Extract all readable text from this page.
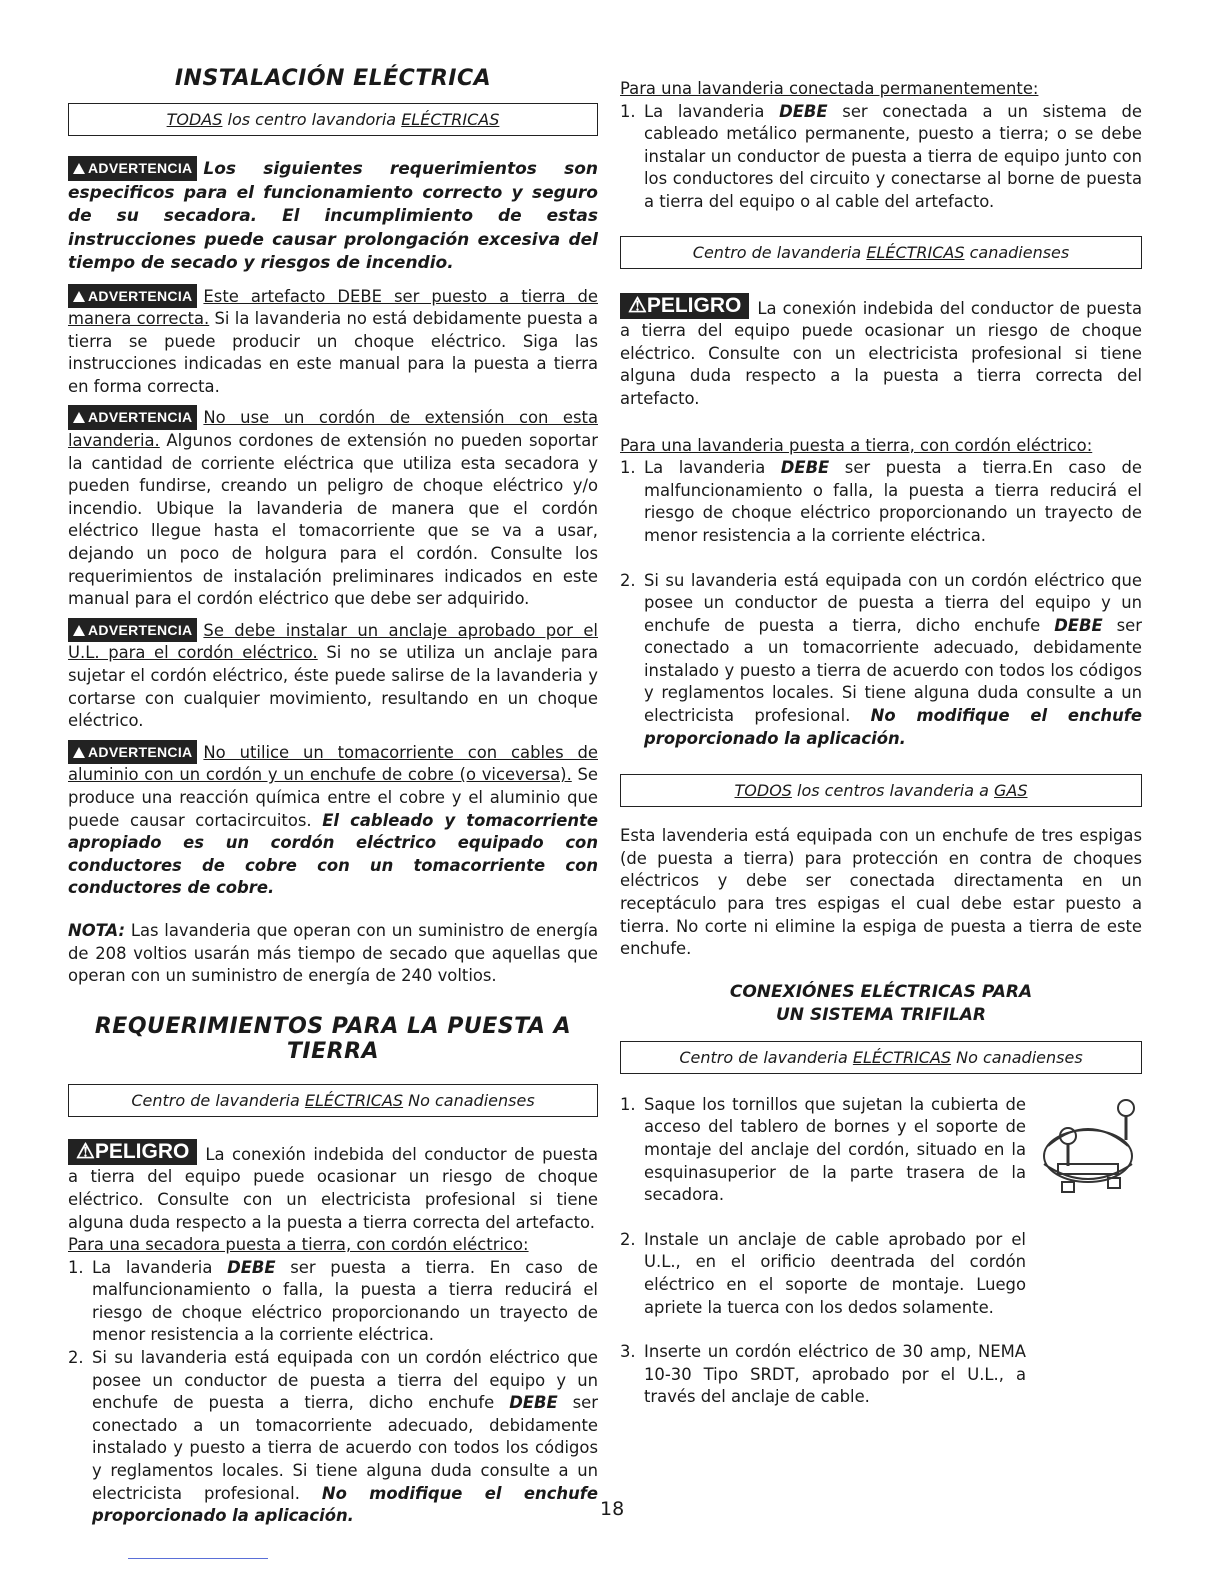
INSTALACIÓN ELÉCTRICA
TODAS los centro lavandoria ELÉCTRICAS

ADVERTENCIA Los siguientes requerimientos son especificos para el funcionamiento correcto y seguro de su secadora. El incumplimiento de estas instrucciones puede causar prolongación excesiva del tiempo de secado y riesgos de incendio.

ADVERTENCIA Este artefacto DEBE ser puesto a tierra de manera correcta. Si la lavanderia no está debidamente puesta a tierra se puede producir un choque eléctrico. Siga las instrucciones indicadas en este manual para la puesta a tierra en forma correcta.

ADVERTENCIA No use un cordón de extensión con esta lavanderia. Algunos cordones de extensión no pueden soportar la cantidad de corriente eléctrica que utiliza esta secadora y pueden fundirse, creando un peligro de choque eléctrico y/o incendio. Ubique la lavanderia de manera que el cordón eléctrico llegue hasta el tomacorriente que se va a usar, dejando un poco de holgura para el cordón. Consulte los requerimientos de instalación preliminares indicados en este manual para el cordón eléctrico que debe ser adquirido.

ADVERTENCIA Se debe instalar un anclaje aprobado por el U.L. para el cordón eléctrico. Si no se utiliza un anclaje para sujetar el cordón eléctrico, éste puede salirse de la lavanderia y cortarse con cualquier movimiento, resultando en un choque eléctrico.

ADVERTENCIA No utilice un tomacorriente con cables de aluminio con un cordón y un enchufe de cobre (o viceversa). Se produce una reacción química entre el cobre y el aluminio que puede causar cortacircuitos. El cableado y tomacorriente apropiado es un cordón eléctrico equipado con conductores de cobre con un tomacorriente con conductores de cobre.

NOTA: Las lavanderia que operan con un suministro de energía de 208 voltios usarán más tiempo de secado que aquellas que operan con un suministro de energía de 240 voltios.

REQUERIMIENTOS PARA LA PUESTA A TIERRA
Centro de lavanderia ELÉCTRICAS No canadienses

⚠PELIGRO La conexión indebida del conductor de puesta a tierra del equipo puede ocasionar un riesgo de choque eléctrico. Consulte con un electricista profesional si tiene alguna duda respecto a la puesta a tierra correcta del artefacto.

Para una secadora puesta a tierra, con cordón eléctrico:

1. La lavanderia DEBE ser puesta a tierra. En caso de malfuncionamiento o falla, la puesta a tierra reducirá el riesgo de choque eléctrico proporcionando un trayecto de menor resistencia a la corriente eléctrica.
2. Si su lavanderia está equipada con un cordón eléctrico que posee un conductor de puesta a tierra del equipo y un enchufe de puesta a tierra, dicho enchufe DEBE ser conectado a un tomacorriente adecuado, debidamente instalado y puesto a tierra de acuerdo con todos los códigos y reglamentos locales. Si tiene alguna duda consulte a un electricista profesional. No modifique el enchufe proporcionado la aplicación.

Para una lavanderia conectada permanentemente:

1. La lavanderia DEBE ser conectada a un sistema de cableado metálico permanente, puesto a tierra; o se debe instalar un conductor de puesta a tierra de equipo junto con los conductores del circuito y conectarse al borne de puesta a tierra del equipo o al cable del artefacto.
Centro de lavanderia ELÉCTRICAS canadienses

⚠PELIGRO La conexión indebida del conductor de puesta a tierra del equipo puede ocasionar un riesgo de choque eléctrico. Consulte con un electricista profesional si tiene alguna duda respecto a la puesta a tierra correcta del artefacto.

Para una lavanderia puesta a tierra, con cordón eléctrico:

1. La lavanderia DEBE ser puesta a tierra.En caso de malfuncionamiento o falla, la puesta a tierra reducirá el riesgo de choque eléctrico proporcionando un trayecto de menor resistencia a la corriente eléctrica.
2. Si su lavanderia está equipada con un cordón eléctrico que posee un conductor de puesta a tierra del equipo y un enchufe de puesta a tierra, dicho enchufe DEBE ser conectado a un tomacorriente adecuado, debidamente instalado y puesto a tierra de acuerdo con todos los códigos y reglamentos locales. Si tiene alguna duda consulte a un electricista profesional. No modifique el enchufe proporcionado la aplicación.
TODOS los centros lavanderia a GAS

Esta lavenderia está equipada con un enchufe de tres espigas (de puesta a tierra) para protección en contra de choques eléctricos y debe ser conectada directamenta en un receptáculo para tres espigas el cual debe estar puesto a tierra. No corte ni elimine la espiga de puesta a tierra de este enchufe.

CONEXIÓNES ELÉCTRICAS PARA

UN SISTEMA TRIFILAR

Centro de lavanderia ELÉCTRICAS No canadienses
1. Saque los tornillos que sujetan la cubierta de acceso del tablero de bornes y el soporte de montaje del anclaje del cordón, situado en la esquinasuperior de la parte trasera de la secadora.
2. Instale un anclaje de cable aprobado por el U.L., en el orificio deentrada del cordón eléctrico en el soporte de montaje. Luego apriete la tuerca con los dedos solamente.
3. Inserte un cordón eléctrico de 30 amp, NEMA 10-30 Tipo SRDT, aprobado por el U.L., a través del anclaje de cable.
18
